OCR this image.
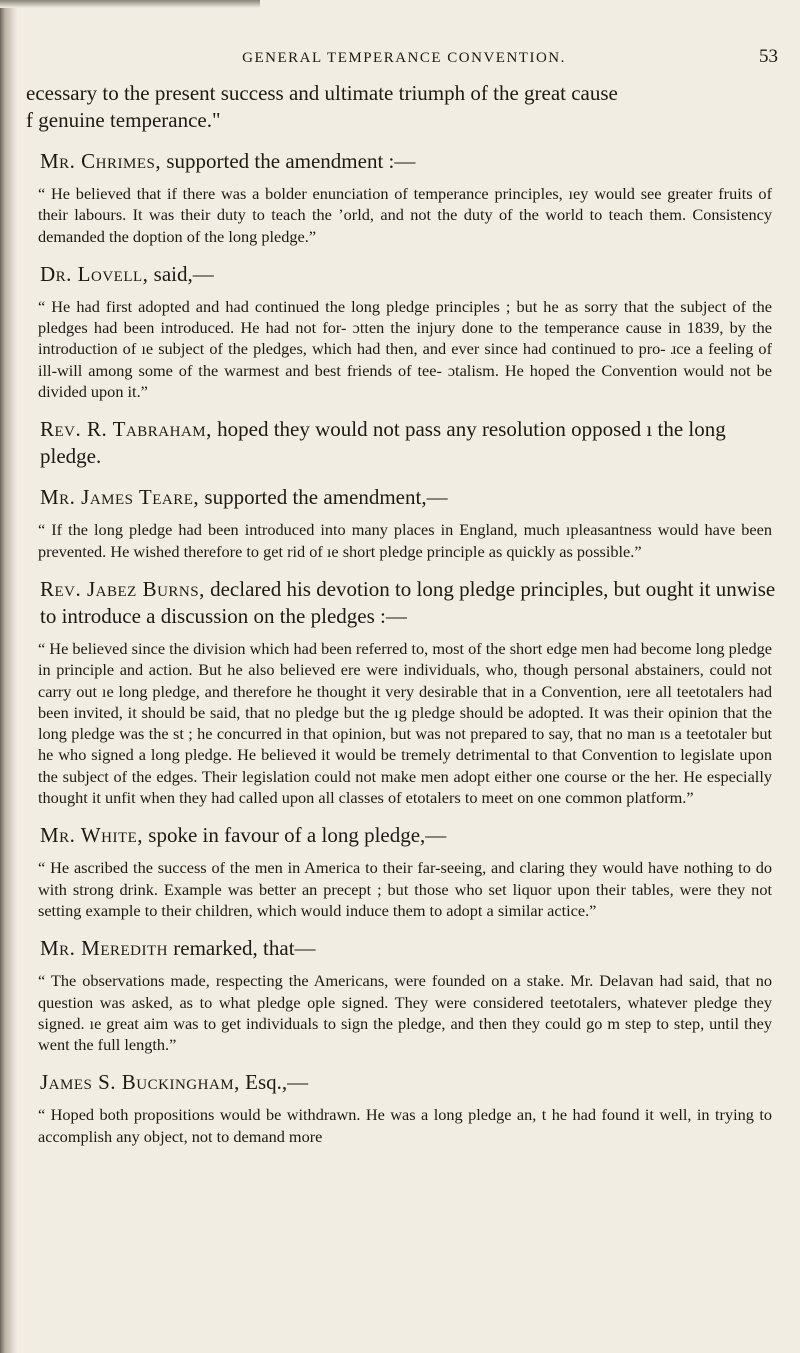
GENERAL TEMPERANCE CONVENTION.	53

ecessary to the present success and ultimate triumph of the great cause

f genuine temperance."

Mr. Chrimes, supported the amendment :—

“ He believed that if there was a bolder enunciation of temperance principles, ıey would see greater fruits of their labours. It was their duty to teach the ʼorld, and not the duty of the world to teach them. Consistency demanded the doption of the long pledge.”

Dr. Lovell, said,—

“ He had first adopted and had continued the long pledge principles ; but he as sorry that the subject of the pledges had been introduced. He had not for- ɔtten the injury done to the temperance cause in 1839, by the introduction of ıe subject of the pledges, which had then, and ever since had continued to pro- ɹce a feeling of ill-will among some of the warmest and best friends of tee- ɔtalism. He hoped the Convention would not be divided upon it.”

Rev. R. Tabraham, hoped they would not pass any resolution opposed ı the long pledge.

Mr. James Teare, supported the amendment,—

“ If the long pledge had been introduced into many places in England, much ıpleasantness would have been prevented. He wished therefore to get rid of ıe short pledge principle as quickly as possible.”

Rev. Jabez Burns, declared his devotion to long pledge principles, but ought it unwise to introduce a discussion on the pledges :—

“ He believed since the division which had been referred to, most of the short edge men had become long pledge in principle and action. But he also believed ere were individuals, who, though personal abstainers, could not carry out ıe long pledge, and therefore he thought it very desirable that in a Convention, ıere all teetotalers had been invited, it should be said, that no pledge but the ıg pledge should be adopted. It was their opinion that the long pledge was the st ; he concurred in that opinion, but was not prepared to say, that no man ıs a teetotaler but he who signed a long pledge. He believed it would be tremely detrimental to that Convention to legislate upon the subject of the edges. Their legislation could not make men adopt either one course or the her. He especially thought it unfit when they had called upon all classes of etotalers to meet on one common platform.”

Mr. White, spoke in favour of a long pledge,—

“ He ascribed the success of the men in America to their far-seeing, and claring they would have nothing to do with strong drink. Example was better an precept ; but those who set liquor upon their tables, were they not setting example to their children, which would induce them to adopt a similar actice.”

Mr. Meredith remarked, that—

“ The observations made, respecting the Americans, were founded on a stake. Mr. Delavan had said, that no question was asked, as to what pledge ople signed. They were considered teetotalers, whatever pledge they signed. ıe great aim was to get individuals to sign the pledge, and then they could go m step to step, until they went the full length.”

James S. Buckingham, Esq.,—

“ Hoped both propositions would be withdrawn. He was a long pledge an, t he had found it well, in trying to accomplish any object, not to demand more
